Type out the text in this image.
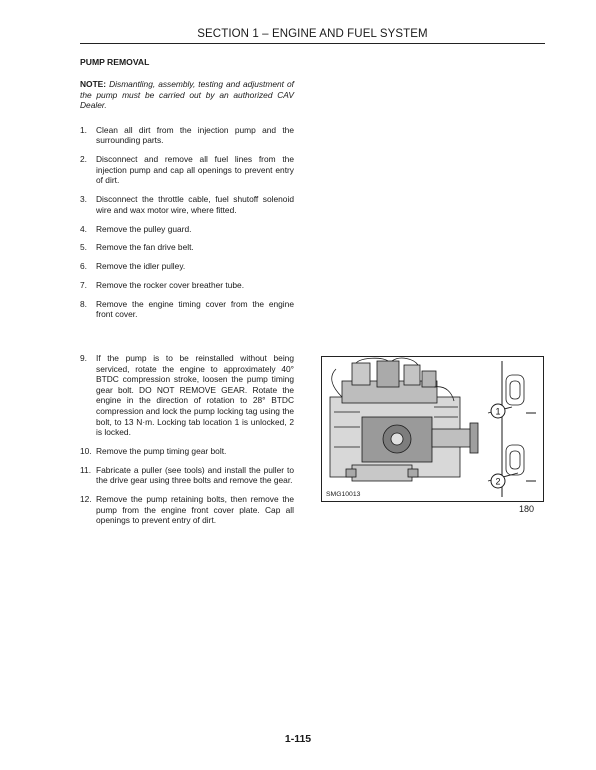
SECTION 1 – ENGINE AND FUEL SYSTEM
PUMP REMOVAL

NOTE: Dismantling, assembly, testing and adjustment of the pump must be carried out by an authorized CAV Dealer.

1.	Clean all dirt from the injection pump and the surrounding parts.
2.	Disconnect and remove all fuel lines from the injection pump and cap all openings to prevent entry of dirt.
3.	Disconnect the throttle cable, fuel shutoff solenoid wire and wax motor wire, where fitted.
4.	Remove the pulley guard.
5.	Remove the fan drive belt.
6.	Remove the idler pulley.
7.	Remove the rocker cover breather tube.
8.	Remove the engine timing cover from the engine front cover.
9.	If the pump is to be reinstalled without being serviced, rotate the engine to approximately 40° BTDC compression stroke, loosen the pump timing gear bolt. DO NOT REMOVE GEAR. Rotate the engine in the direction of rotation to 28° BTDC compression and lock the pump locking tag using the bolt, to 13 N·m. Locking tab location 1 is unlocked, 2 is locked.
10. Remove the pump timing gear bolt.
11. Fabricate a puller (see tools) and install the puller to the drive gear using three bolts and remove the gear.
12. Remove the pump retaining bolts, then remove the pump from the engine front cover plate. Cap all openings to prevent entry of dirt.
1
2
SMG10013
180
1-115
